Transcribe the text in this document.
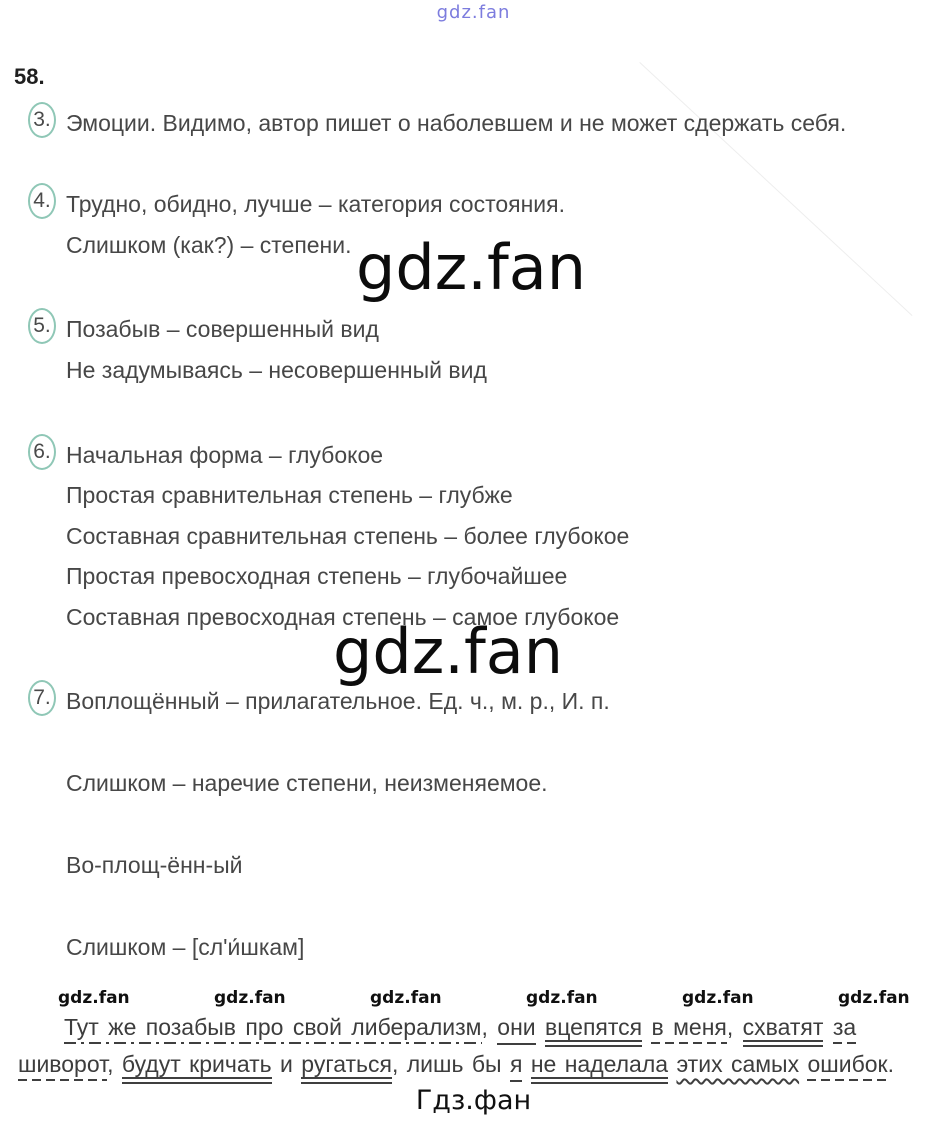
gdz.fan
58.
3. Эмоции. Видимо, автор пишет о наболевшем и не может сдержать себя.
4. Трудно, обидно, лучше – категория состояния.
Слишком (как?) – степени. gdz.fan
5. Позабыв – совершенный вид
Не задумываясь – несовершенный вид
6. Начальная форма – глубокое
Простая сравнительная степень – глубже
Составная сравнительная степень – более глубокое
Простая превосходная степень – глубочайшее
Составная превосходная степень – самое глубокое
gdz.fan
7. Воплощённый – прилагательное. Ед. ч., м. р., И. п.
Слишком – наречие степени, неизменяемое.
Во-площ-ённ-ый
Слишком – [сл'и́шкам]
gdz.fan	gdz.fan	gdz.fan	gdz.fan	gdz.fan	gdz.fan
Тут же позабыв про свой либерализм, они вцепятся в меня, схватят за
шиворот, будут кричать и ругаться, лишь бы я не наделала этих самых ошибок.
Гдз.фан
